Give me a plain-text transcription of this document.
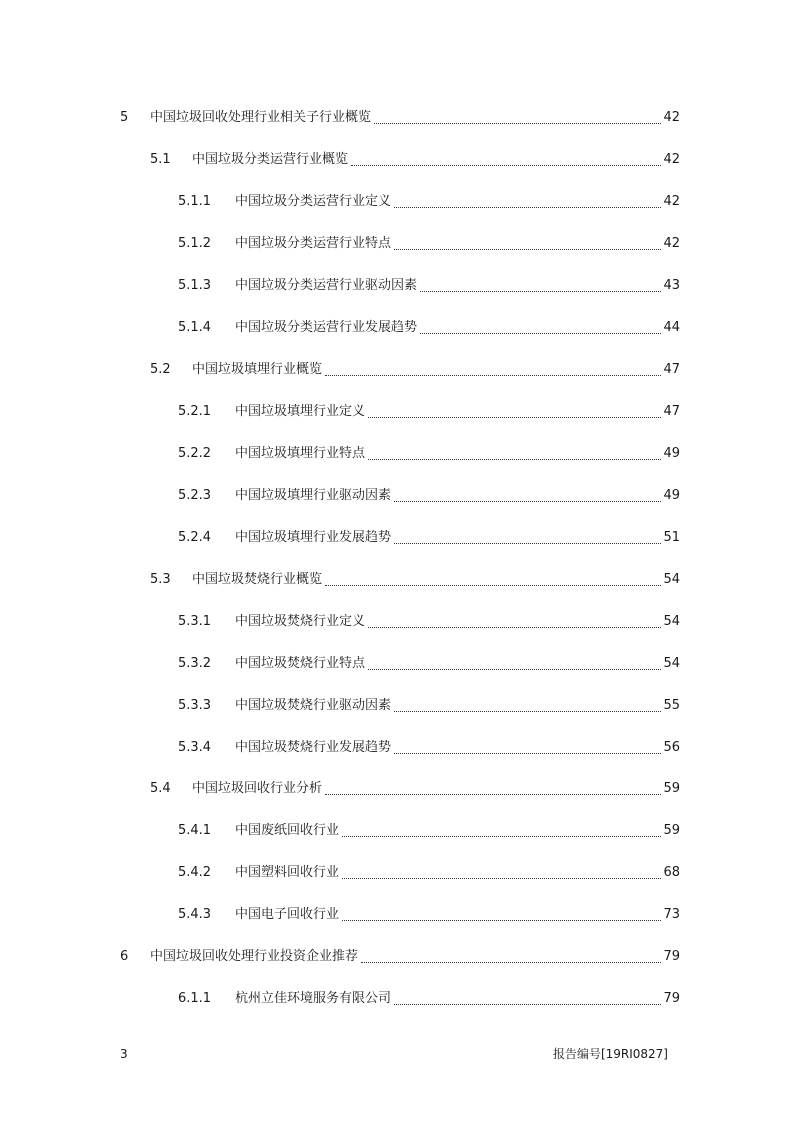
5 中国垃圾回收处理行业相关子行业概览	42
5.1 中国垃圾分类运营行业概览	42
5.1.1 中国垃圾分类运营行业定义	42
5.1.2 中国垃圾分类运营行业特点	42
5.1.3 中国垃圾分类运营行业驱动因素	43
5.1.4 中国垃圾分类运营行业发展趋势	44
5.2 中国垃圾填埋行业概览	47
5.2.1 中国垃圾填埋行业定义	47
5.2.2 中国垃圾填埋行业特点	49
5.2.3 中国垃圾填埋行业驱动因素	49
5.2.4 中国垃圾填埋行业发展趋势	51
5.3 中国垃圾焚烧行业概览	54
5.3.1 中国垃圾焚烧行业定义	54
5.3.2 中国垃圾焚烧行业特点	54
5.3.3 中国垃圾焚烧行业驱动因素	55
5.3.4 中国垃圾焚烧行业发展趋势	56
5.4 中国垃圾回收行业分析	59
5.4.1 中国废纸回收行业	59
5.4.2 中国塑料回收行业	68
5.4.3 中国电子回收行业	73
6 中国垃圾回收处理行业投资企业推荐	79
6.1.1 杭州立佳环境服务有限公司	79
3	报告编号[19RI0827]
